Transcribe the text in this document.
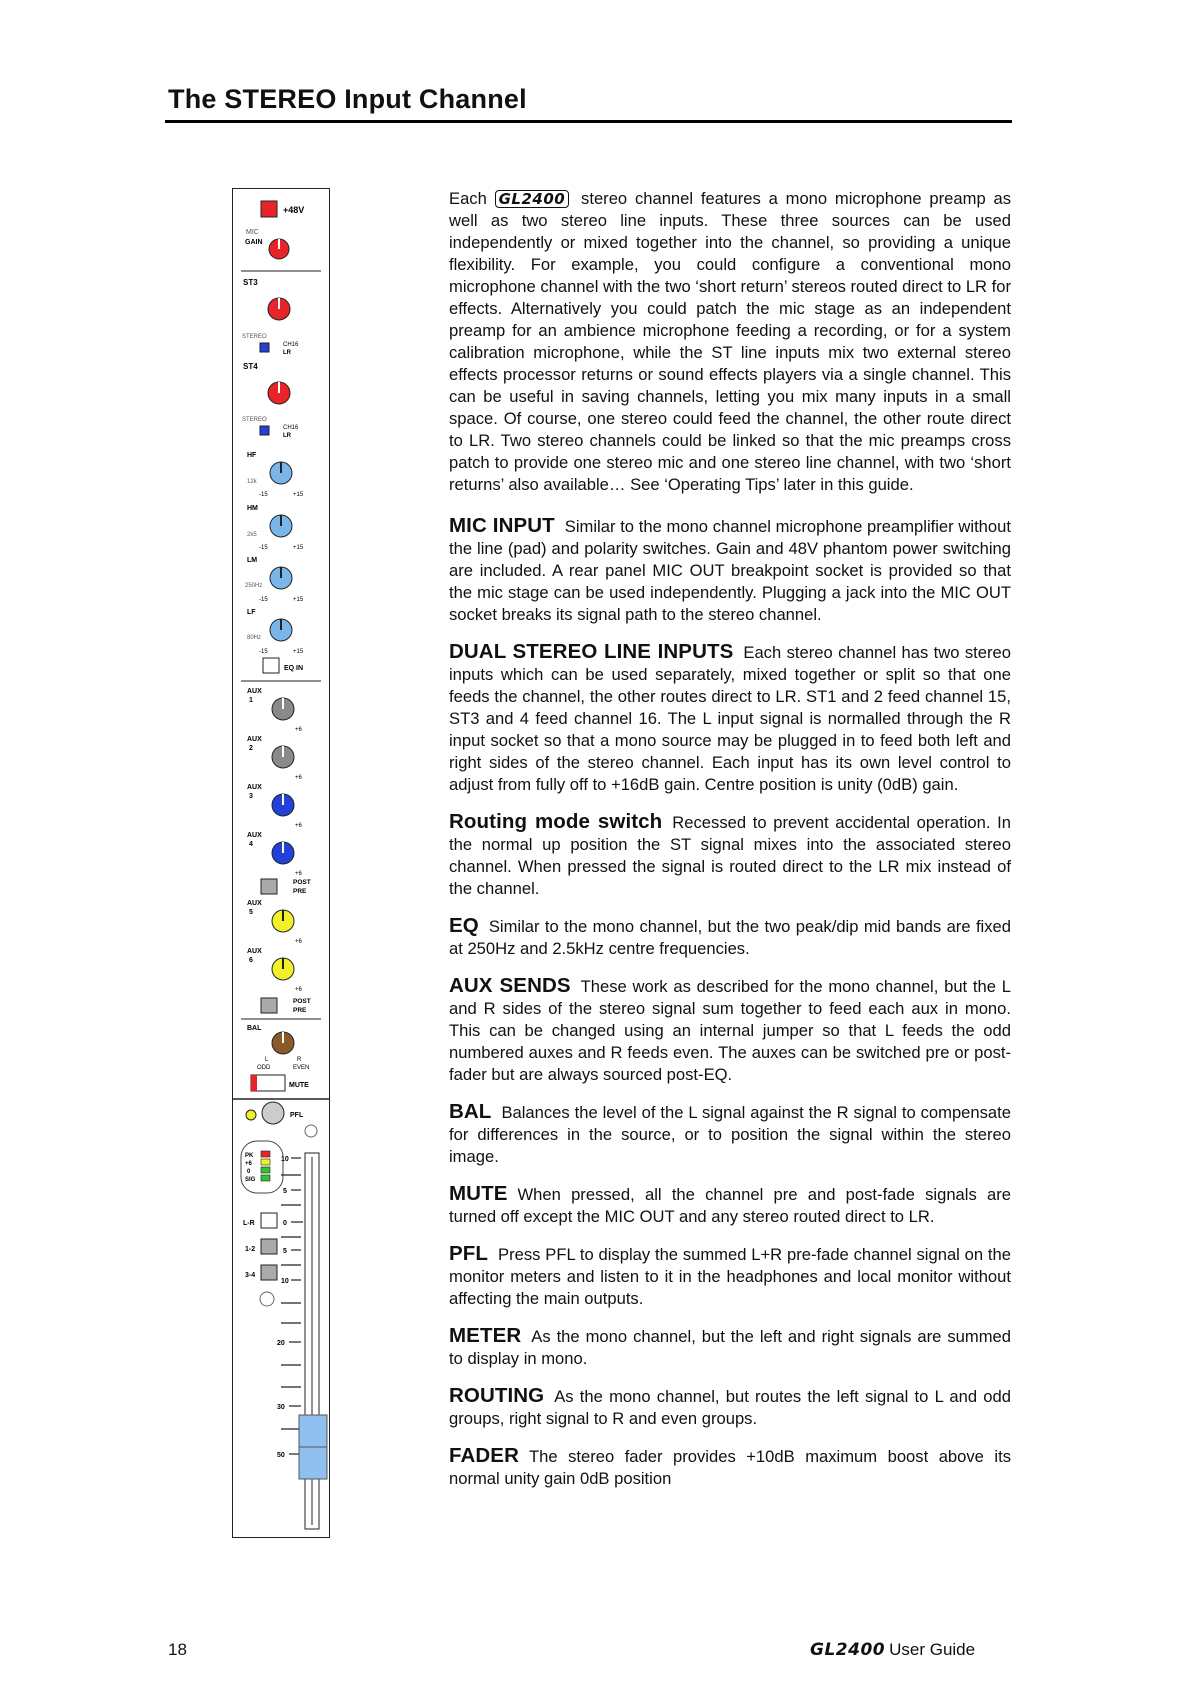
The STEREO Input Channel
+48V
MIC
GAIN
ST3
STEREO
CH16
LR
ST4
STEREO
CH16
LR
HF
12k
-15	+15
HM
2k5
-15	+15
LM
250Hz
-15	+15
LF
80Hz
-15	+15
EQ IN
AUX
1
+6
AUX
2
+6
AUX
3
+6
AUX
4
+6
POST
PRE
AUX
5
+6
AUX
6
+6
POST
PRE
BAL
L	R
ODD	EVEN
MUTE
PFL
PK
+6
0
SIG
L-R
1-2
3-4
10
5
0
5
10
20
30
50

Each GL2400 stereo channel features a mono microphone preamp as well as two stereo line inputs. These three sources can be used independently or mixed together into the channel, so providing a unique flexibility. For example, you could configure a conventional mono microphone channel with the two ‘short return’ stereos routed direct to LR for effects. Alternatively you could patch the mic stage as an independent preamp for an ambience microphone feeding a recording, or for a system calibration microphone, while the ST line inputs mix two external stereo effects processor returns or sound effects players via a single channel. This can be useful in saving channels, letting you mix many inputs in a small space. Of course, one stereo could feed the channel, the other route direct to LR. Two stereo channels could be linked so that the mic preamps cross patch to provide one stereo mic and one stereo line channel, with two ‘short returns’ also available… See ‘Operating Tips’ later in this guide.

MIC INPUT Similar to the mono channel microphone preamplifier without the line (pad) and polarity switches. Gain and 48V phantom power switching are included. A rear panel MIC OUT breakpoint socket is provided so that the mic stage can be used independently. Plugging a jack into the MIC OUT socket breaks its signal path to the stereo channel.

DUAL STEREO LINE INPUTS Each stereo channel has two stereo inputs which can be used separately, mixed together or split so that one feeds the channel, the other routes direct to LR. ST1 and 2 feed channel 15, ST3 and 4 feed channel 16. The L input signal is normalled through the R input socket so that a mono source may be plugged in to feed both left and right sides of the stereo channel. Each input has its own level control to adjust from fully off to +16dB gain. Centre position is unity (0dB) gain.

Routing mode switch Recessed to prevent accidental operation. In the normal up position the ST signal mixes into the associated stereo channel. When pressed the signal is routed direct to the LR mix instead of the channel.

EQ Similar to the mono channel, but the two peak/dip mid bands are fixed at 250Hz and 2.5kHz centre frequencies.

AUX SENDS These work as described for the mono channel, but the L and R sides of the stereo signal sum together to feed each aux in mono. This can be changed using an internal jumper so that L feeds the odd numbered auxes and R feeds even. The auxes can be switched pre or post-fader but are always sourced post-EQ.

BAL Balances the level of the L signal against the R signal to compensate for differences in the source, or to position the signal within the stereo image.

MUTE When pressed, all the channel pre and post-fade signals are turned off except the MIC OUT and any stereo routed direct to LR.

PFL Press PFL to display the summed L+R pre-fade channel signal on the monitor meters and listen to it in the headphones and local monitor without affecting the main outputs.

METER As the mono channel, but the left and right signals are summed to display in mono.

ROUTING As the mono channel, but routes the left signal to L and odd groups, right signal to R and even groups.

FADER The stereo fader provides +10dB maximum boost above its normal unity gain 0dB position

18	GL2400 User Guide
